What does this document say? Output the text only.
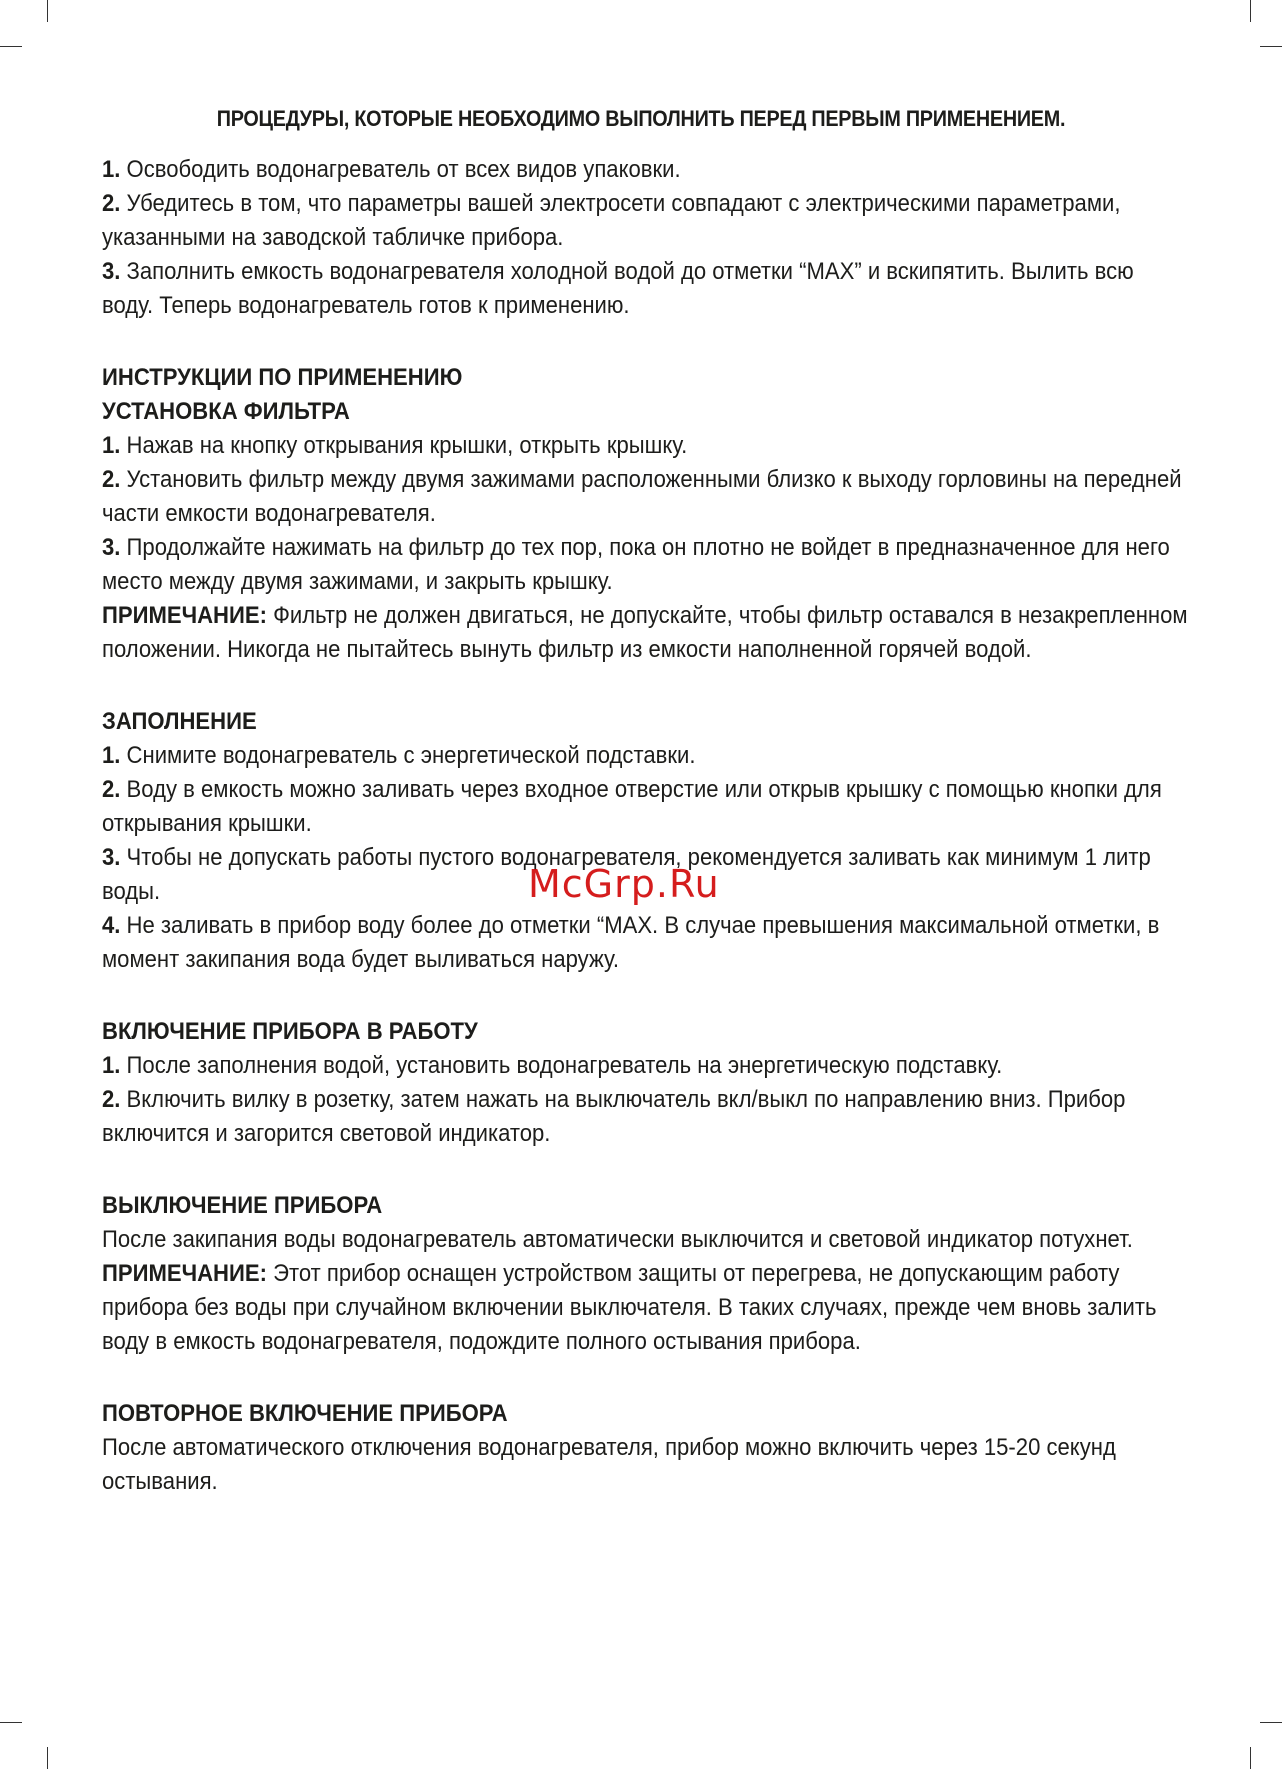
ПРОЦЕДУРЫ, КОТОРЫЕ НЕОБХОДИМО ВЫПОЛНИТЬ ПЕРЕД ПЕРВЫМ ПРИМЕНЕНИЕМ.

1. Освободить водонагреватель от всех видов упаковки.

2. Убедитесь в том, что параметры вашей электросети совпадают с электрическими параметрами, указанными на заводской табличке прибора.

3. Заполнить емкость водонагревателя холодной водой до отметки “MAX” и вскипятить. Вылить всю воду. Теперь водонагреватель готов к применению.

ИНСТРУКЦИИ ПО ПРИМЕНЕНИЮ

УСТАНОВКА ФИЛЬТРА

1. Нажав на кнопку открывания крышки, открыть крышку.

2. Установить фильтр между двумя зажимами расположенными близко к выходу горловины на передней части емкости водонагревателя.

3. Продолжайте нажимать на фильтр до тех пор, пока он плотно не войдет в предназначенное для него место между двумя зажимами, и закрыть крышку.

ПРИМЕЧАНИЕ: Фильтр не должен двигаться, не допускайте, чтобы фильтр оставался в незакрепленном положении. Никогда не пытайтесь вынуть фильтр из емкости наполненной горячей водой.

ЗАПОЛНЕНИЕ

1. Снимите водонагреватель с энергетической подставки.

2. Воду в емкость можно заливать через входное отверстие или открыв крышку с помощью кнопки для открывания крышки.

3. Чтобы не допускать работы пустого водонагревателя, рекомендуется заливать как минимум 1 литр воды.

4. Не заливать в прибор воду более до отметки “MAX. В случае превышения максимальной отметки, в момент закипания вода будет выливаться наружу.

ВКЛЮЧЕНИЕ ПРИБОРА В РАБОТУ

1. После заполнения водой, установить водонагреватель на энергетическую подставку.

2. Включить вилку в розетку, затем нажать на выключатель вкл/выкл по направлению вниз. Прибор включится и загорится световой индикатор.

ВЫКЛЮЧЕНИЕ ПРИБОРА

После закипания воды водонагреватель автоматически выключится и световой индикатор потухнет.

ПРИМЕЧАНИЕ: Этот прибор оснащен устройством защиты от перегрева, не допускающим работу прибора без воды при случайном включении выключателя. В таких случаях, прежде чем вновь залить воду в емкость водонагревателя, подождите полного остывания прибора.

ПОВТОРНОЕ ВКЛЮЧЕНИЕ ПРИБОРА

После автоматического отключения водонагревателя, прибор можно включить через 15-20 секунд остывания.

McGrp.Ru
